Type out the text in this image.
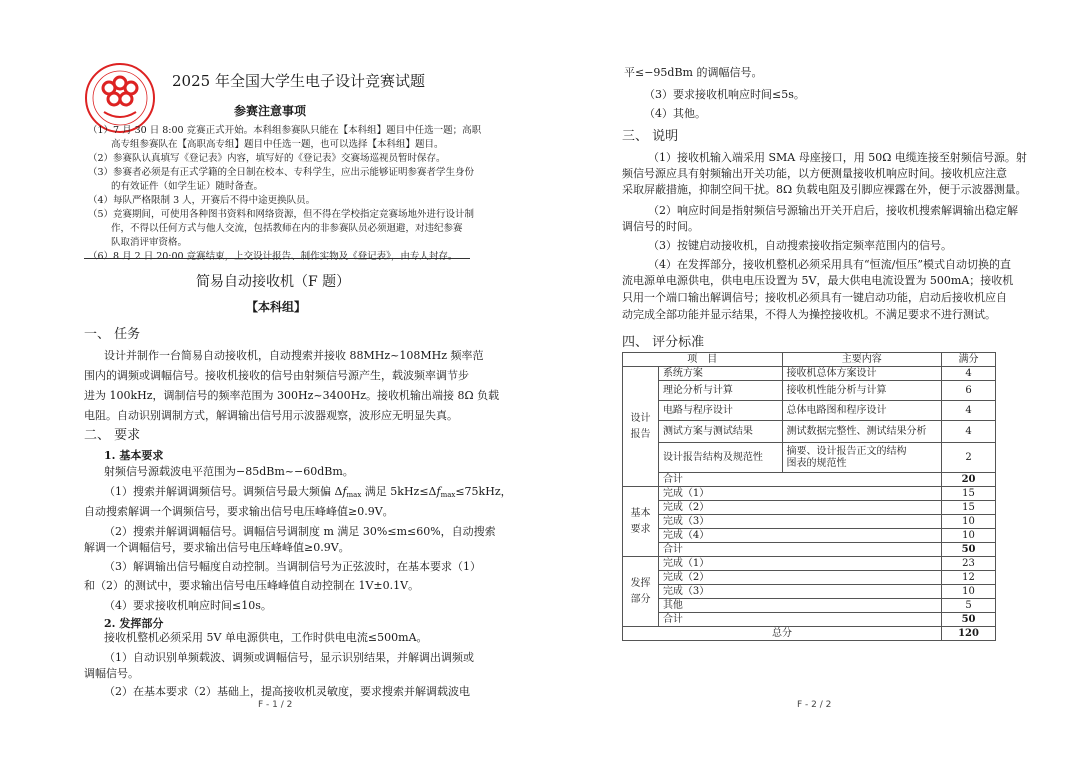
2025 年全国大学生电子设计竞赛试题
参赛注意事项
（1）7 月 30 日 8:00 竞赛正式开始。本科组参赛队只能在【本科组】题目中任选一题；高职
高专组参赛队在【高职高专组】题目中任选一题，也可以选择【本科组】题目。
（2）参赛队认真填写《登记表》内容，填写好的《登记表》交赛场巡视员暂时保存。
（3）参赛者必须是有正式学籍的全日制在校本、专科学生，应出示能够证明参赛者学生身份
的有效证件（如学生证）随时备查。
（4）每队严格限制 3 人，开赛后不得中途更换队员。
（5）竞赛期间，可使用各种图书资料和网络资源，但不得在学校指定竞赛场地外进行设计制
作，不得以任何方式与他人交流，包括教师在内的非参赛队员必须迴避，对违纪参赛
队取消评审资格。
（6）8 月 2 日 20:00 竞赛结束，上交设计报告、制作实物及《登记表》，由专人封存。
简易自动接收机（F 题）
【本科组】
一、 任务
设计并制作一台简易自动接收机，自动搜索并接收 88MHz~108MHz 频率范
围内的调频或调幅信号。接收机接收的信号由射频信号源产生，载波频率调节步
进为 100kHz，调制信号的频率范围为 300Hz~3400Hz。接收机输出端接 8Ω 负载
电阻。自动识别调制方式，解调输出信号用示波器观察，波形应无明显失真。
二、 要求
1. 基本要求
射频信号源载波电平范围为−85dBm~−60dBm。
（1）搜索并解调调频信号。调频信号最大频偏 $\Delta f_{max}$ 满足 $5kHz\le\Delta f_{max}\le 75kHz$，
自动搜索解调一个调频信号，要求输出信号电压峰峰值≥0.9V。
（2）搜索并解调调幅信号。调幅信号调制度 m 满足 30%≤m≤60%，自动搜索
解调一个调幅信号，要求输出信号电压峰峰值≥0.9V。
（3）解调输出信号幅度自动控制。当调制信号为正弦波时，在基本要求（1）
和（2）的测试中，要求输出信号电压峰峰值自动控制在 1V±0.1V。
（4）要求接收机响应时间≤10s。
2. 发挥部分
接收机整机必须采用 5V 单电源供电，工作时供电电流≤500mA。
（1）自动识别单频载波、调频或调幅信号，显示识别结果，并解调出调频或
调幅信号。
（2）在基本要求（2）基础上，提高接收机灵敏度，要求搜索并解调载波电
F - 1 / 2
平≤−95dBm 的调幅信号。
（3）要求接收机响应时间≤5s。
（4）其他。
三、 说明
（1）接收机输入端采用 SMA 母座接口，用 50Ω 电缆连接至射频信号源。射
频信号源应具有射频输出开关功能，以方便测量接收机响应时间。接收机应注意
采取屏蔽措施，抑制空间干扰。8Ω 负载电阻及引脚应裸露在外，便于示波器测量。
（2）响应时间是指射频信号源输出开关开启后，接收机搜索解调输出稳定解
调信号的时间。
（3）按键启动接收机，自动搜索接收指定频率范围内的信号。
（4）在发挥部分，接收机整机必须采用具有“恒流/恒压”模式自动切换的直
流电源单电源供电，供电电压设置为 5V，最大供电电流设置为 500mA；接收机
只用一个端口输出解调信号；接收机必须具有一键启动功能，启动后接收机应自
动完成全部功能并显示结果，不得人为操控接收机。不满足要求不进行测试。
四、 评分标准
项　目		主要内容	满分
设计报告	系统方案	接收机总体方案设计	4
	理论分析与计算	接收机性能分析与计算	6
	电路与程序设计	总体电路图和程序设计	4
	测试方案与测试结果	测试数据完整性、测试结果分析	4
	设计报告结构及规范性	摘要、设计报告正文的结构
图表的规范性	2
	合计		20
基本要求	完成（1）		15
	完成（2）		15
	完成（3）		10
	完成（4）		10
	合计		50
发挥部分	完成（1）		23
	完成（2）		12
	完成（3）		10
	其他		5
	合计		50
总分			120
F - 2 / 2
